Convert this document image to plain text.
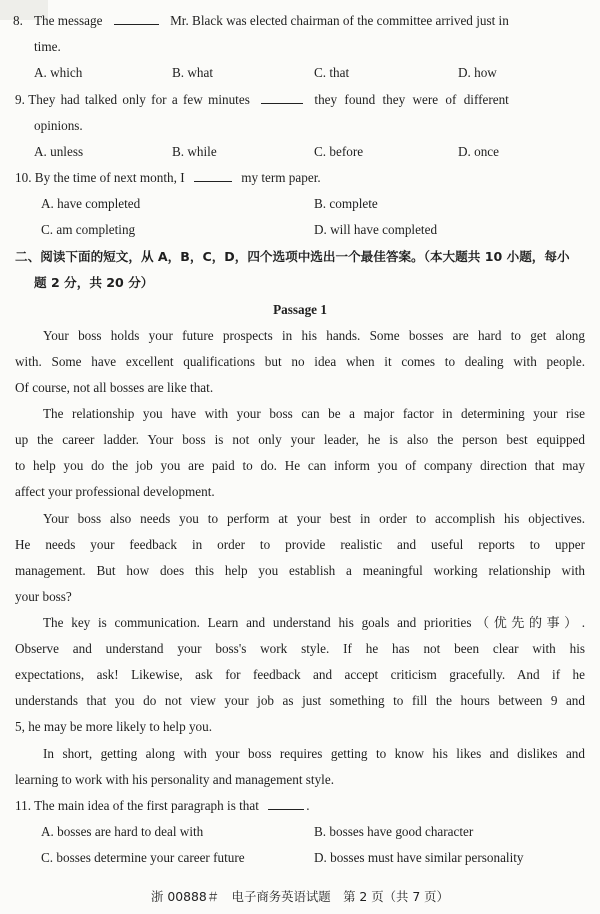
8. The message	Mr. Black was elected chairman of the committee arrived just in
time.
A. which	B. what	C. that	D. how
9. They had talked only for a few minutes	they found they were of different
opinions.
A. unless	B. while	C. before	D. once
10. By the time of next month, I	my term paper.
A. have completed	B. complete
C. am completing	D. will have completed
二、阅读下面的短文，从 A，B，C，D，四个选项中选出一个最佳答案。（本大题共 10 小题，每小
题 2 分，共 20 分）
Passage 1
Your boss holds your future prospects in his hands. Some bosses are hard to get along
with. Some have excellent qualifications but no idea when it comes to dealing with people.
Of course, not all bosses are like that.
The relationship you have with your boss can be a major factor in determining your rise
up the career ladder. Your boss is not only your leader, he is also the person best equipped
to help you do the job you are paid to do. He can inform you of company direction that may
affect your professional development.
Your boss also needs you to perform at your best in order to accomplish his objectives.
He needs your feedback in order to provide realistic and useful reports to upper
management. But how does this help you establish a meaningful working relationship with
your boss?
The key is communication. Learn and understand his goals and priorities（优先的事）.
Observe and understand your boss's work style. If he has not been clear with his
expectations, ask! Likewise, ask for feedback and accept criticism gracefully. And if he
understands that you do not view your job as just something to fill the hours between 9 and
5, he may be more likely to help you.
In short, getting along with your boss requires getting to know his likes and dislikes and
learning to work with his personality and management style.
11. The main idea of the first paragraph is that	.
A. bosses are hard to deal with	B. bosses have good character
C. bosses determine your career future	D. bosses must have similar personality
浙 00888＃　电子商务英语试题　第 2 页（共 7 页）
